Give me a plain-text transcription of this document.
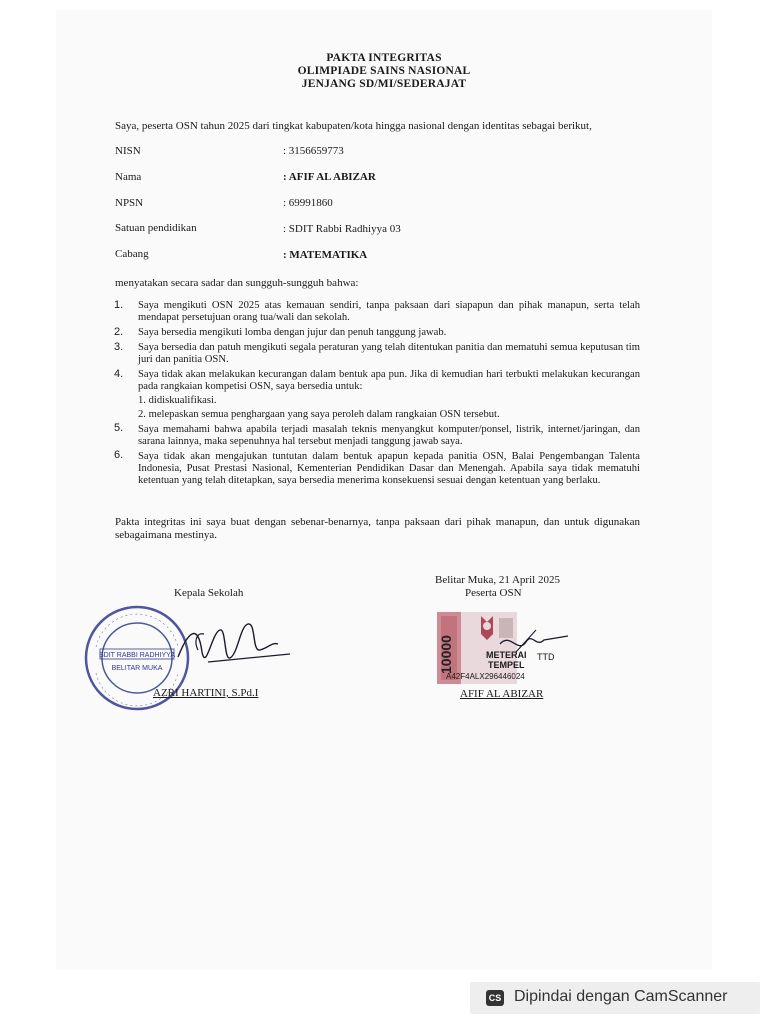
PAKTA INTEGRITAS
OLIMPIADE SAINS NASIONAL
JENJANG SD/MI/SEDERAJAT
Saya, peserta OSN tahun 2025 dari tingkat kabupaten/kota hingga nasional dengan identitas sebagai berikut,
NISN	: 3156659773
Nama	: AFIF AL ABIZAR
NPSN	: 69991860
Satuan pendidikan	: SDIT Rabbi Radhiyya 03
Cabang	: MATEMATIKA
menyatakan secara sadar dan sungguh-sungguh bahwa:
1. Saya mengikuti OSN 2025 atas kemauan sendiri, tanpa paksaan dari siapapun dan pihak manapun, serta telah mendapat persetujuan orang tua/wali dan sekolah.
2. Saya bersedia mengikuti lomba dengan jujur dan penuh tanggung jawab.
3. Saya bersedia dan patuh mengikuti segala peraturan yang telah ditentukan panitia dan mematuhi semua keputusan tim juri dan panitia OSN.
4. Saya tidak akan melakukan kecurangan dalam bentuk apa pun. Jika di kemudian hari terbukti melakukan kecurangan pada rangkaian kompetisi OSN, saya bersedia untuk:
1. didiskualifikasi.
2. melepaskan semua penghargaan yang saya peroleh dalam rangkaian OSN tersebut.
5. Saya memahami bahwa apabila terjadi masalah teknis menyangkut komputer/ponsel, listrik, internet/jaringan, dan sarana lainnya, maka sepenuhnya hal tersebut menjadi tanggung jawab saya.
6. Saya tidak akan mengajukan tuntutan dalam bentuk apapun kepada panitia OSN, Balai Pengembangan Talenta Indonesia, Pusat Prestasi Nasional, Kementerian Pendidikan Dasar dan Menengah. Apabila saya tidak mematuhi ketentuan yang telah ditetapkan, saya bersedia menerima konsekuensi sesuai dengan ketentuan yang berlaku.
Pakta integritas ini saya buat dengan sebenar-benarnya, tanpa paksaan dari pihak manapun, dan untuk digunakan sebagaimana mestinya.
Kepala Sekolah
Belitar Muka, 21 April 2025
Peserta OSN
SDIT RABBI RADHIYYA
BELITAR MUKA
AZRI HARTINI, S.Pd.I
10000	METERAI
TEMPEL
A42F4ALX296446024
TTD
AFIF AL ABIZAR
CS Dipindai dengan CamScanner
